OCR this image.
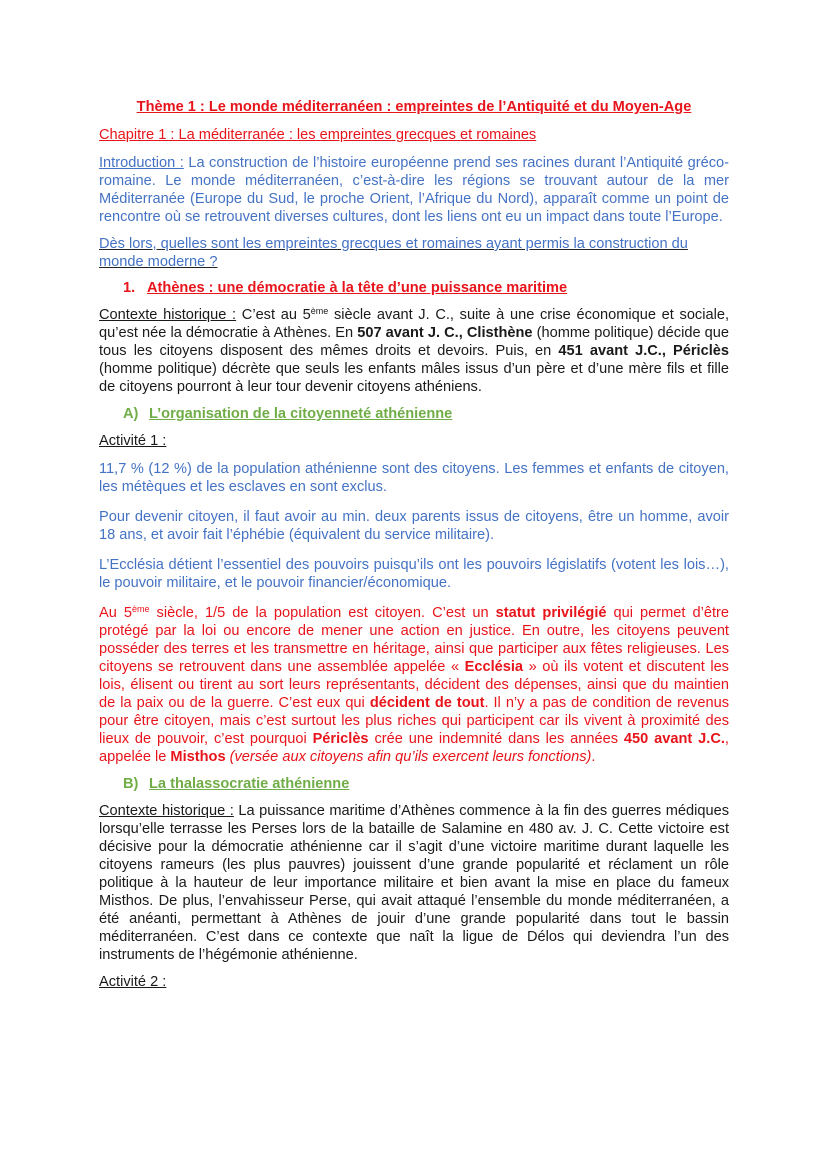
Thème 1 : Le monde méditerranéen : empreintes de l’Antiquité et du Moyen-Age

Chapitre 1 : La méditerranée : les empreintes grecques et romaines

Introduction : La construction de l’histoire européenne prend ses racines durant l’Antiquité gréco-romaine. Le monde méditerranéen, c’est-à-dire les régions se trouvant autour de la mer Méditerranée (Europe du Sud, le proche Orient, l’Afrique du Nord), apparaît comme un point de rencontre où se retrouvent diverses cultures, dont les liens ont eu un impact dans toute l’Europe.

Dès lors, quelles sont les empreintes grecques et romaines ayant permis la construction du monde moderne ?

1. Athènes : une démocratie à la tête d’une puissance maritime

Contexte historique : C’est au 5ème siècle avant J. C., suite à une crise économique et sociale, qu’est née la démocratie à Athènes. En 507 avant J. C., Clisthène (homme politique) décide que tous les citoyens disposent des mêmes droits et devoirs. Puis, en 451 avant J.C., Périclès (homme politique) décrète que seuls les enfants mâles issus d’un père et d’une mère fils et fille de citoyens pourront à leur tour devenir citoyens athéniens.

A) L’organisation de la citoyenneté athénienne

Activité 1 :

11,7 % (12 %) de la population athénienne sont des citoyens. Les femmes et enfants de citoyen, les métèques et les esclaves en sont exclus.

Pour devenir citoyen, il faut avoir au min. deux parents issus de citoyens, être un homme, avoir 18 ans, et avoir fait l’éphébie (équivalent du service militaire).

L’Ecclésia détient l’essentiel des pouvoirs puisqu’ils ont les pouvoirs législatifs (votent les lois…), le pouvoir militaire, et le pouvoir financier/économique.

Au 5ème siècle, 1/5 de la population est citoyen. C’est un statut privilégié qui permet d’être protégé par la loi ou encore de mener une action en justice. En outre, les citoyens peuvent posséder des terres et les transmettre en héritage, ainsi que participer aux fêtes religieuses. Les citoyens se retrouvent dans une assemblée appelée « Ecclésia » où ils votent et discutent les lois, élisent ou tirent au sort leurs représentants, décident des dépenses, ainsi que du maintien de la paix ou de la guerre. C’est eux qui décident de tout. Il n’y a pas de condition de revenus pour être citoyen, mais c’est surtout les plus riches qui participent car ils vivent à proximité des lieux de pouvoir, c’est pourquoi Périclès crée une indemnité dans les années 450 avant J.C., appelée le Misthos (versée aux citoyens afin qu’ils exercent leurs fonctions).

B) La thalassocratie athénienne

Contexte historique : La puissance maritime d’Athènes commence à la fin des guerres médiques lorsqu’elle terrasse les Perses lors de la bataille de Salamine en 480 av. J. C. Cette victoire est décisive pour la démocratie athénienne car il s’agit d’une victoire maritime durant laquelle les citoyens rameurs (les plus pauvres) jouissent d’une grande popularité et réclament un rôle politique à la hauteur de leur importance militaire et bien avant la mise en place du fameux Misthos. De plus, l’envahisseur Perse, qui avait attaqué l’ensemble du monde méditerranéen, a été anéanti, permettant à Athènes de jouir d’une grande popularité dans tout le bassin méditerranéen. C’est dans ce contexte que naît la ligue de Délos qui deviendra l’un des instruments de l’hégémonie athénienne.

Activité 2 :
